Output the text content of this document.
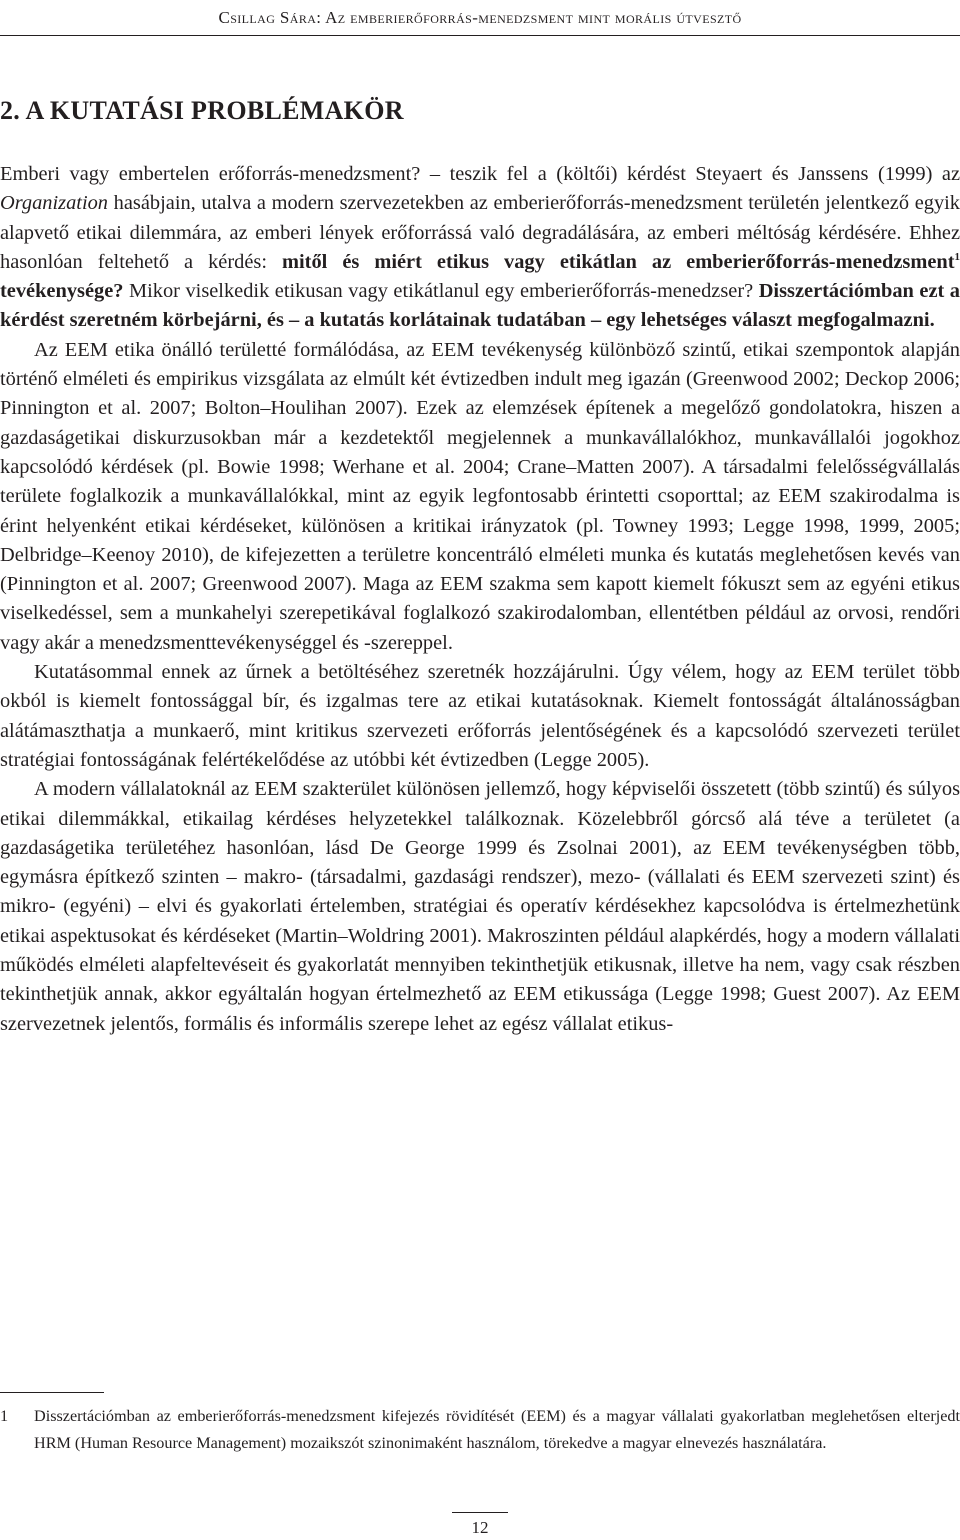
Csillag Sára: Az emberierőforrás-menedzsment mint morális útvesztő
2. A KUTATÁSI PROBLÉMAKÖR

Emberi vagy embertelen erőforrás-menedzsment? – teszik fel a (költői) kérdést Steyaert és Janssens (1999) az Organization hasábjain, utalva a modern szervezetekben az emberierőforrás-menedzsment területén jelentkező egyik alapvető etikai dilemmára, az emberi lények erőforrássá való degradálására, az emberi méltóság kérdésére. Ehhez hasonlóan feltehető a kérdés: mitől és miért etikus vagy etikátlan az emberierőforrás-menedzsment$^1$ tevékenysége? Mikor viselkedik etikusan vagy etikátlanul egy emberierőforrás-menedzser? Disszertációmban ezt a kérdést szeretném körbejárni, és – a kutatás korlátainak tudatában – egy lehetséges választ megfogalmazni.

Az EEM etika önálló területté formálódása, az EEM tevékenység különböző szintű, etikai szempontok alapján történő elméleti és empirikus vizsgálata az elmúlt két évtizedben indult meg igazán (Greenwood 2002; Deckop 2006; Pinnington et al. 2007; Bolton–Houlihan 2007). Ezek az elemzések építenek a megelőző gondolatokra, hiszen a gazdaságetikai diskurzusokban már a kezdetektől megjelennek a munkavállalókhoz, munkavállalói jogokhoz kapcsolódó kérdések (pl. Bowie 1998; Werhane et al. 2004; Crane–Matten 2007). A társadalmi felelősségvállalás területe foglalkozik a munkavállalókkal, mint az egyik legfontosabb érintetti csoporttal; az EEM szakirodalma is érint helyenként etikai kérdéseket, különösen a kritikai irányzatok (pl. Towney 1993; Legge 1998, 1999, 2005; Delbridge–Keenoy 2010), de kifejezetten a területre koncentráló elméleti munka és kutatás meglehetősen kevés van (Pinnington et al. 2007; Greenwood 2007). Maga az EEM szakma sem kapott kiemelt fókuszt sem az egyéni etikus viselkedéssel, sem a munkahelyi szerepetikával foglalkozó szakirodalomban, ellentétben például az orvosi, rendőri vagy akár a menedzsmenttevékenységgel és -szereppel.

Kutatásommal ennek az űrnek a betöltéséhez szeretnék hozzájárulni. Úgy vélem, hogy az EEM terület több okból is kiemelt fontossággal bír, és izgalmas tere az etikai kutatásoknak. Kiemelt fontosságát általánosságban alátámaszthatja a munkaerő, mint kritikus szervezeti erőforrás jelentőségének és a kapcsolódó szervezeti terület stratégiai fontosságának felértékelődése az utóbbi két évtizedben (Legge 2005).

A modern vállalatoknál az EEM szakterület különösen jellemző, hogy képviselői összetett (több szintű) és súlyos etikai dilemmákkal, etikailag kérdéses helyzetekkel találkoznak. Közelebbről górcső alá téve a területet (a gazdaságetika területéhez hasonlóan, lásd De George 1999 és Zsolnai 2001), az EEM tevékenységben több, egymásra építkező szinten – makro- (társadalmi, gazdasági rendszer), mezo- (vállalati és EEM szervezeti szint) és mikro- (egyéni) – elvi és gyakorlati értelemben, stratégiai és operatív kérdésekhez kapcsolódva is értelmezhetünk etikai aspektusokat és kérdéseket (Martin–Woldring 2001). Makroszinten például alapkérdés, hogy a modern vállalati működés elméleti alapfeltevéseit és gyakorlatát mennyiben tekinthetjük etikusnak, illetve ha nem, vagy csak részben tekinthetjük annak, akkor egyáltalán hogyan értelmezhető az EEM etikussága (Legge 1998; Guest 2007). Az EEM szervezetnek jelentős, formális és informális szerepe lehet az egész vállalat etikus-

1 Disszertációmban az emberierőforrás-menedzsment kifejezés rövidítését (EEM) és a magyar vállalati gyakorlatban meglehetősen elterjedt HRM (Human Resource Management) mozaikszót szinonimaként használom, törekedve a magyar elnevezés használatára.
12
